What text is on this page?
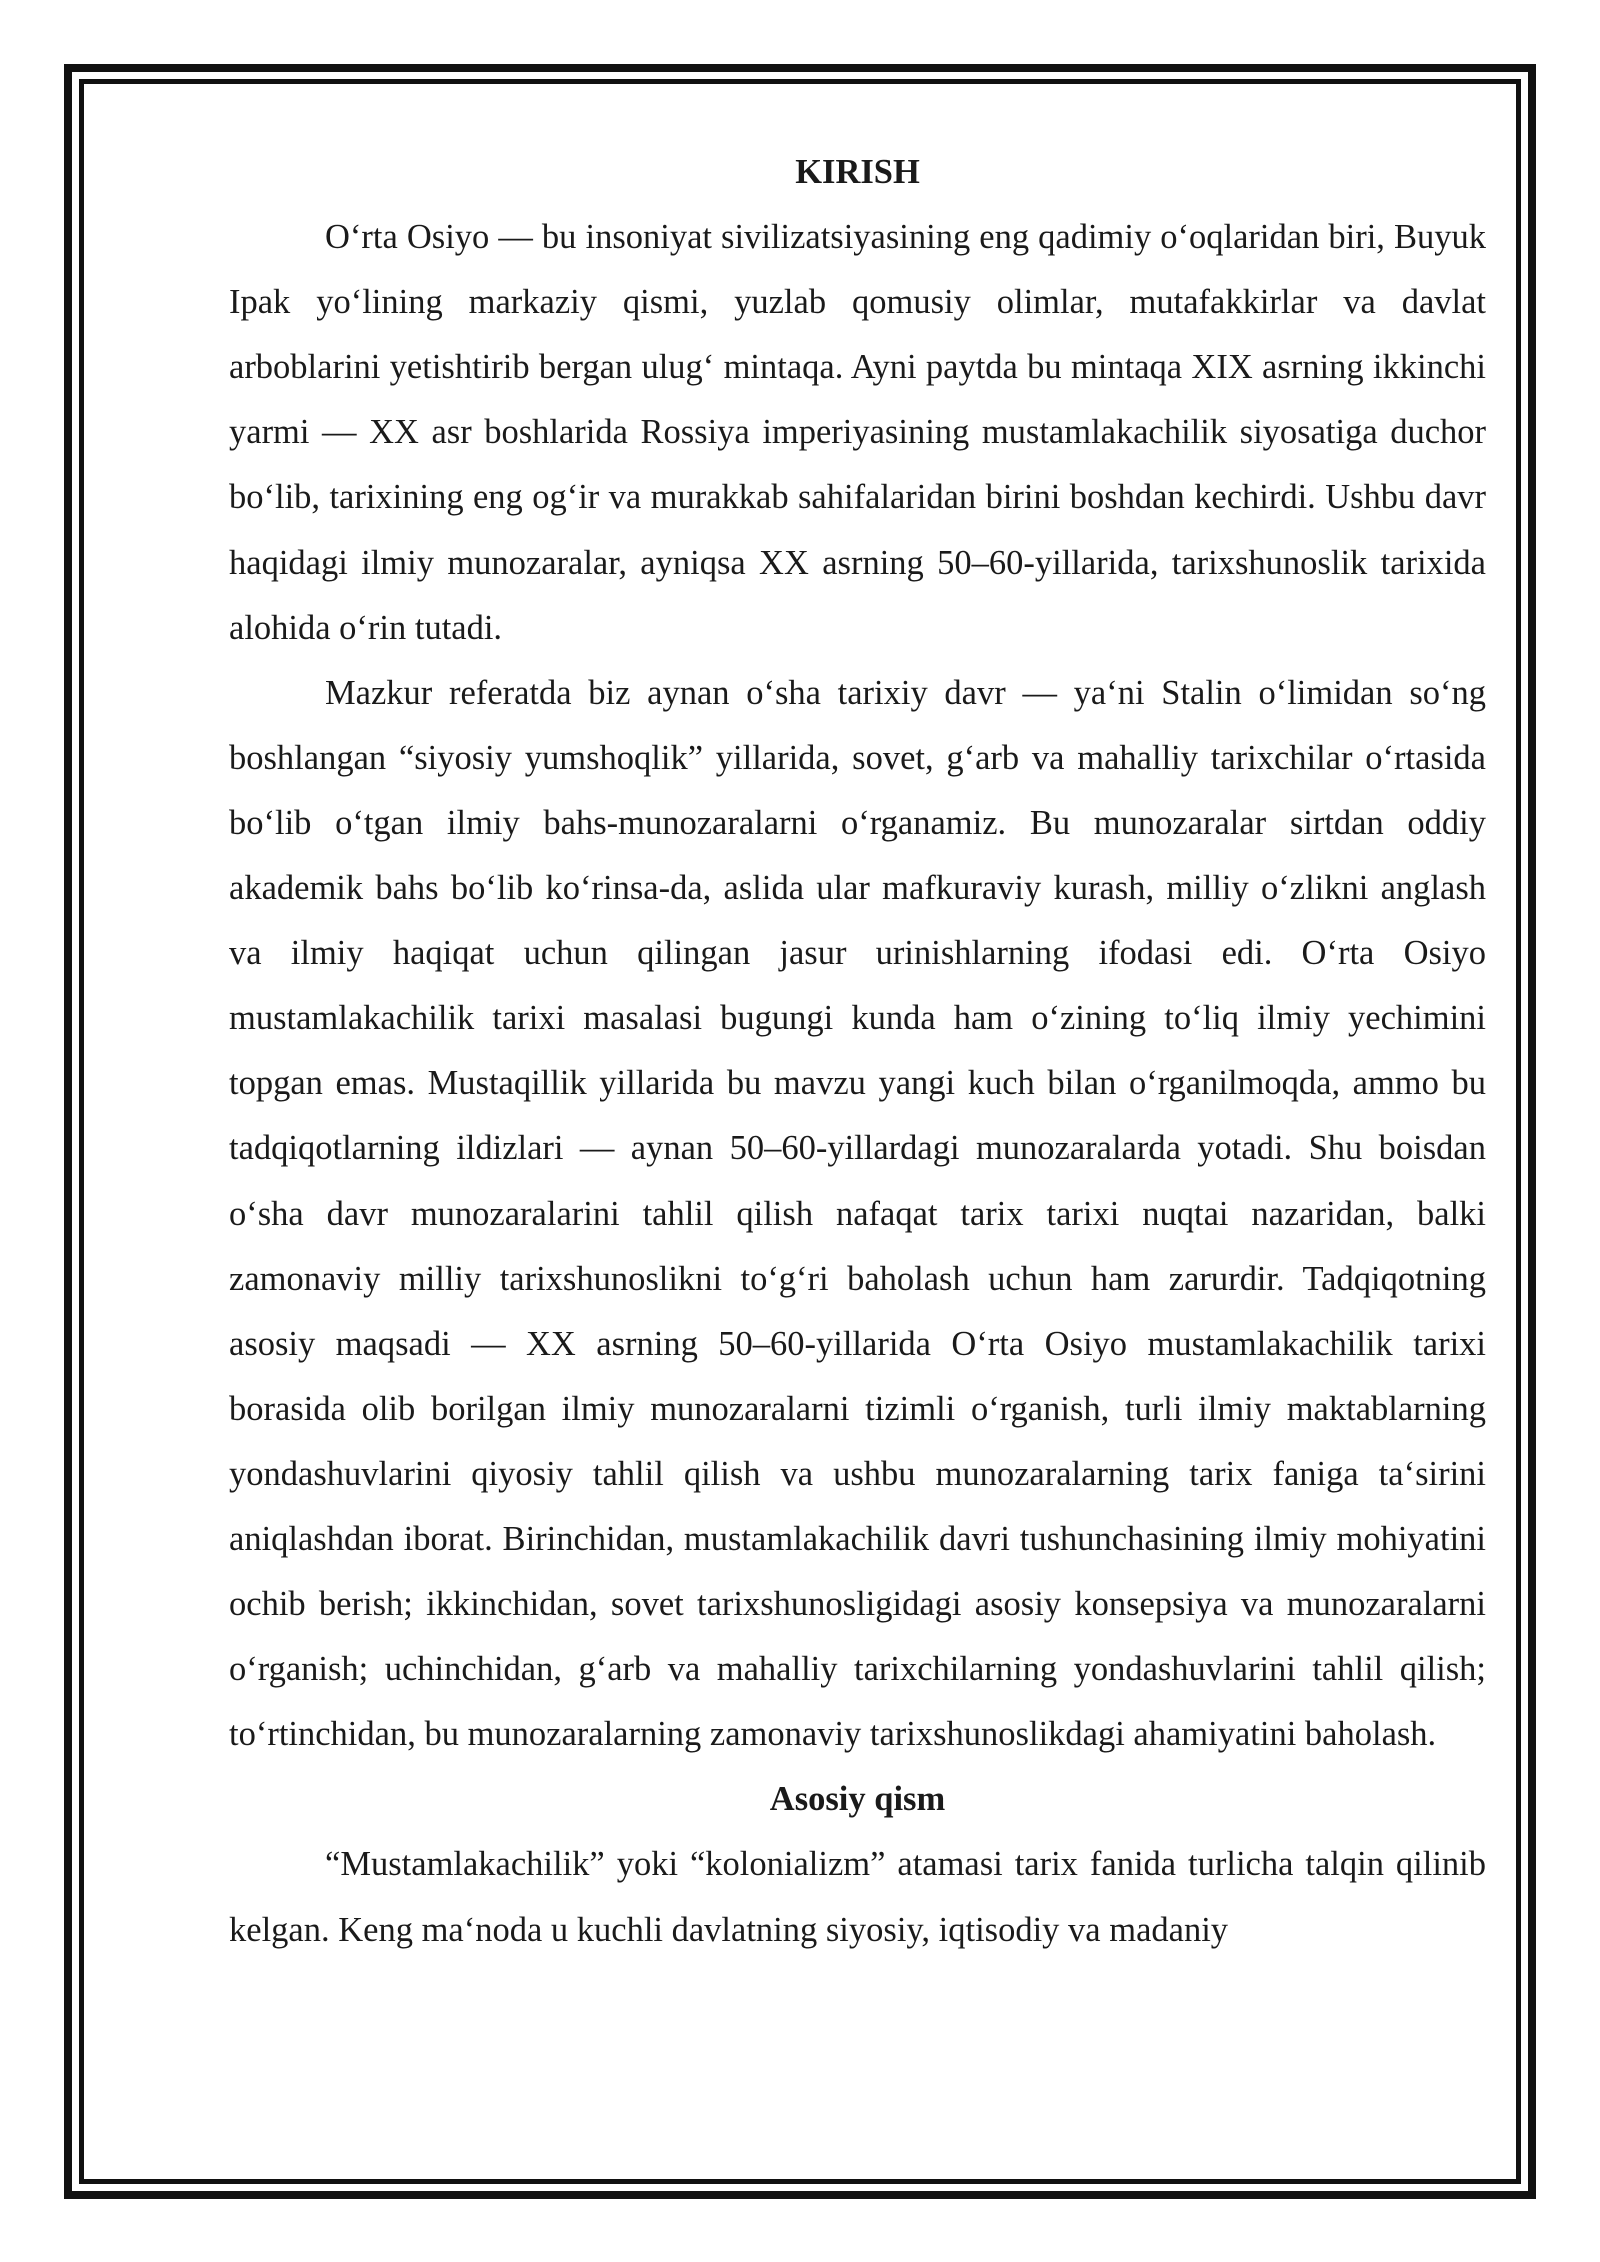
KIRISH

O‘rta Osiyo — bu insoniyat sivilizatsiyasining eng qadimiy o‘oqlaridan biri, Buyuk Ipak yo‘lining markaziy qismi, yuzlab qomusiy olimlar, mutafakkirlar va davlat arboblarini yetishtirib bergan ulug‘ mintaqa. Ayni paytda bu mintaqa XIX asrning ikkinchi yarmi — XX asr boshlarida Rossiya imperiyasining mustamlakachilik siyosatiga duchor bo‘lib, tarixining eng og‘ir va murakkab sahifalaridan birini boshdan kechirdi. Ushbu davr haqidagi ilmiy munozaralar, ayniqsa XX asrning 50–60-yillarida, tarixshunoslik tarixida alohida o‘rin tutadi.

Mazkur referatda biz aynan o‘sha tarixiy davr — ya‘ni Stalin o‘limidan so‘ng boshlangan “siyosiy yumshoqlik” yillarida, sovet, g‘arb va mahalliy tarixchilar o‘rtasida bo‘lib o‘tgan ilmiy bahs-munozaralarni o‘rganamiz. Bu munozaralar sirtdan oddiy akademik bahs bo‘lib ko‘rinsa-da, aslida ular mafkuraviy kurash, milliy o‘zlikni anglash va ilmiy haqiqat uchun qilingan jasur urinishlarning ifodasi edi. O‘rta Osiyo mustamlakachilik tarixi masalasi bugungi kunda ham o‘zining to‘liq ilmiy yechimini topgan emas. Mustaqillik yillarida bu mavzu yangi kuch bilan o‘rganilmoqda, ammo bu tadqiqotlarning ildizlari — aynan 50–60-yillardagi munozaralarda yotadi. Shu boisdan o‘sha davr munozaralarini tahlil qilish nafaqat tarix tarixi nuqtai nazaridan, balki zamonaviy milliy tarixshunoslikni to‘g‘ri baholash uchun ham zarurdir. Tadqiqotning asosiy maqsadi — XX asrning 50–60-yillarida O‘rta Osiyo mustamlakachilik tarixi borasida olib borilgan ilmiy munozaralarni tizimli o‘rganish, turli ilmiy maktablarning yondashuvlarini qiyosiy tahlil qilish va ushbu munozaralarning tarix faniga ta‘sirini aniqlashdan iborat. Birinchidan, mustamlakachilik davri tushunchasining ilmiy mohiyatini ochib berish; ikkinchidan, sovet tarixshunosligidagi asosiy konsepsiya va munozaralarni o‘rganish; uchinchidan, g‘arb va mahalliy tarixchilarning yondashuvlarini tahlil qilish; to‘rtinchidan, bu munozaralarning zamonaviy tarixshunoslikdagi ahamiyatini baholash.

Asosiy qism

“Mustamlakachilik” yoki “kolonializm” atamasi tarix fanida turlicha talqin qilinib kelgan. Keng ma‘noda u kuchli davlatning siyosiy, iqtisodiy va madaniy
